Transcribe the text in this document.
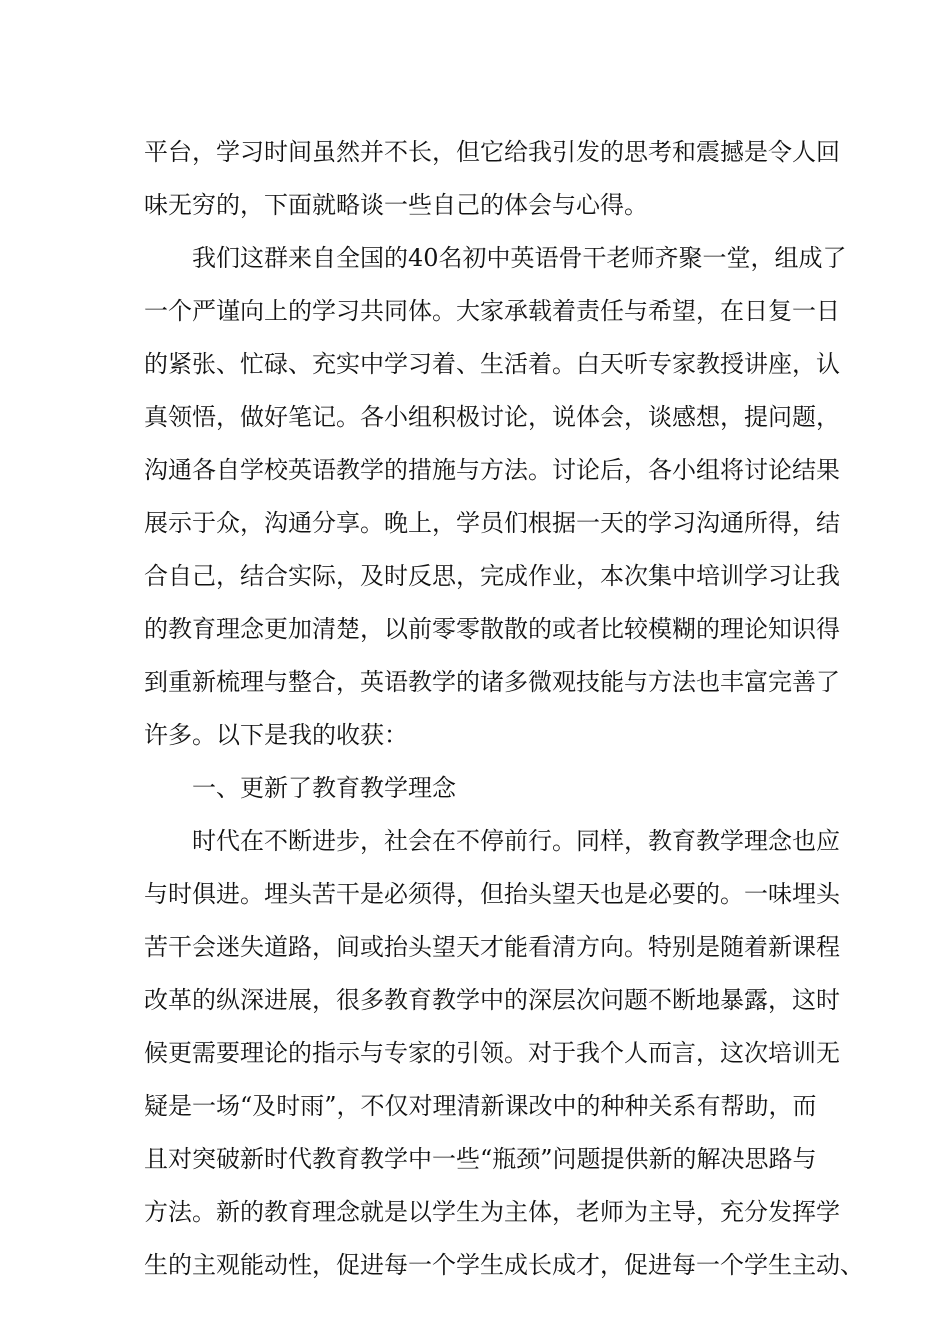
平台，学习时间虽然并不长，但它给我引发的思考和震撼是令人回
味无穷的，下面就略谈一些自己的体会与心得。
我们这群来自全国的40名初中英语骨干老师齐聚一堂，组成了
一个严谨向上的学习共同体。大家承载着责任与希望，在日复一日
的紧张、忙碌、充实中学习着、生活着。白天听专家教授讲座，认
真领悟，做好笔记。各小组积极讨论，说体会，谈感想，提问题，
沟通各自学校英语教学的措施与方法。讨论后，各小组将讨论结果
展示于众，沟通分享。晚上，学员们根据一天的学习沟通所得，结
合自己，结合实际，及时反思，完成作业，本次集中培训学习让我
的教育理念更加清楚，以前零零散散的或者比较模糊的理论知识得
到重新梳理与整合，英语教学的诸多微观技能与方法也丰富完善了
许多。以下是我的收获：
一、更新了教育教学理念
时代在不断进步，社会在不停前行。同样，教育教学理念也应
与时俱进。埋头苦干是必须得，但抬头望天也是必要的。一味埋头
苦干会迷失道路，间或抬头望天才能看清方向。特别是随着新课程
改革的纵深进展，很多教育教学中的深层次问题不断地暴露，这时
候更需要理论的指示与专家的引领。对于我个人而言，这次培训无
疑是一场“及时雨”，不仅对理清新课改中的种种关系有帮助，而
且对突破新时代教育教学中一些“瓶颈”问题提供新的解决思路与
方法。新的教育理念就是以学生为主体，老师为主导，充分发挥学
生的主观能动性，促进每一个学生成长成才，促进每一个学生主动、
